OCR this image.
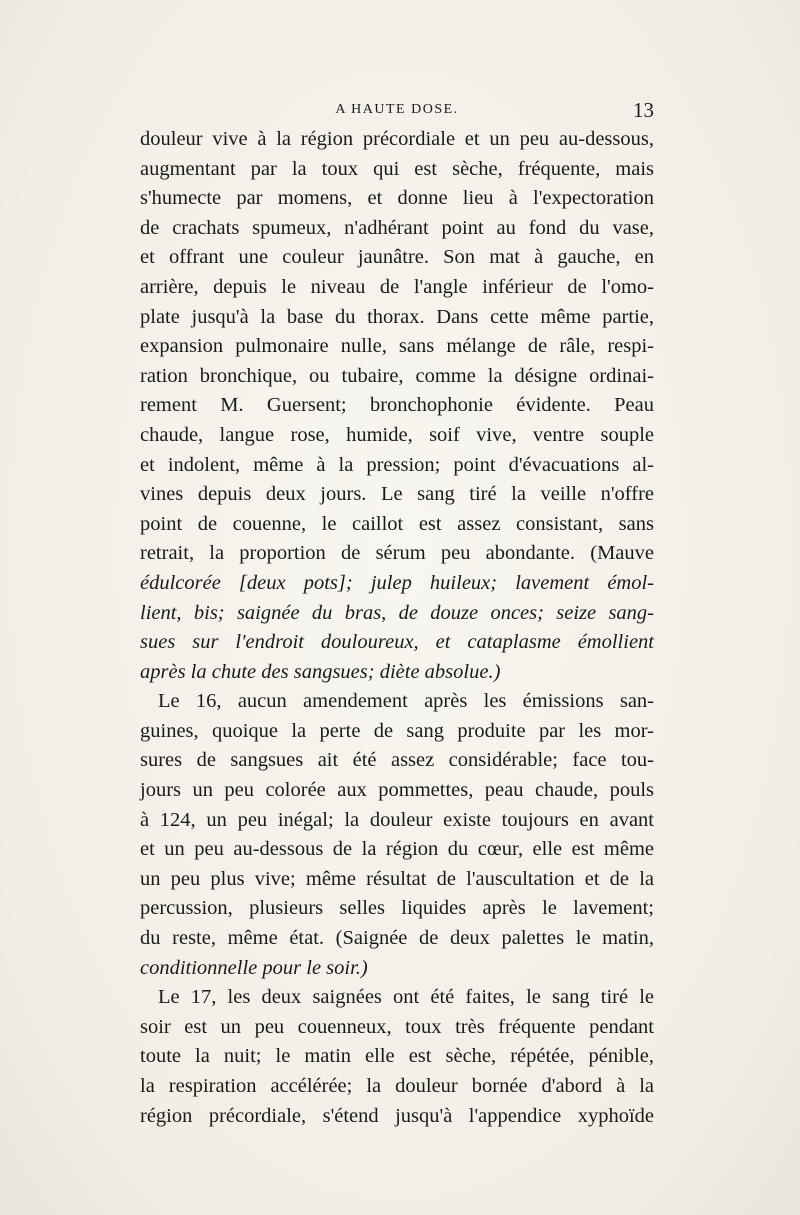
A HAUTE DOSE.	13
douleur vive à la région précordiale et un peu au-dessous,
augmentant par la toux qui est sèche, fréquente, mais
s'humecte par momens, et donne lieu à l'expectoration
de crachats spumeux, n'adhérant point au fond du vase,
et offrant une couleur jaunâtre. Son mat à gauche, en
arrière, depuis le niveau de l'angle inférieur de l'omo-
plate jusqu'à la base du thorax. Dans cette même partie,
expansion pulmonaire nulle, sans mélange de râle, respi-
ration bronchique, ou tubaire, comme la désigne ordinai-
rement M. Guersent; bronchophonie évidente. Peau
chaude, langue rose, humide, soif vive, ventre souple
et indolent, même à la pression; point d'évacuations al-
vines depuis deux jours. Le sang tiré la veille n'offre
point de couenne, le caillot est assez consistant, sans
retrait, la proportion de sérum peu abondante. (Mauve
édulcorée [deux pots]; julep huileux; lavement émol-
lient, bis; saignée du bras, de douze onces; seize sang-
sues sur l'endroit douloureux, et cataplasme émollient
après la chute des sangsues; diète absolue.)
Le 16, aucun amendement après les émissions san-
guines, quoique la perte de sang produite par les mor-
sures de sangsues ait été assez considérable; face tou-
jours un peu colorée aux pommettes, peau chaude, pouls
à 124, un peu inégal; la douleur existe toujours en avant
et un peu au-dessous de la région du cœur, elle est même
un peu plus vive; même résultat de l'auscultation et de la
percussion, plusieurs selles liquides après le lavement;
du reste, même état. (Saignée de deux palettes le matin,
conditionnelle pour le soir.)
Le 17, les deux saignées ont été faites, le sang tiré le
soir est un peu couenneux, toux très fréquente pendant
toute la nuit; le matin elle est sèche, répétée, pénible,
la respiration accélérée; la douleur bornée d'abord à la
région précordiale, s'étend jusqu'à l'appendice xyphoïde
